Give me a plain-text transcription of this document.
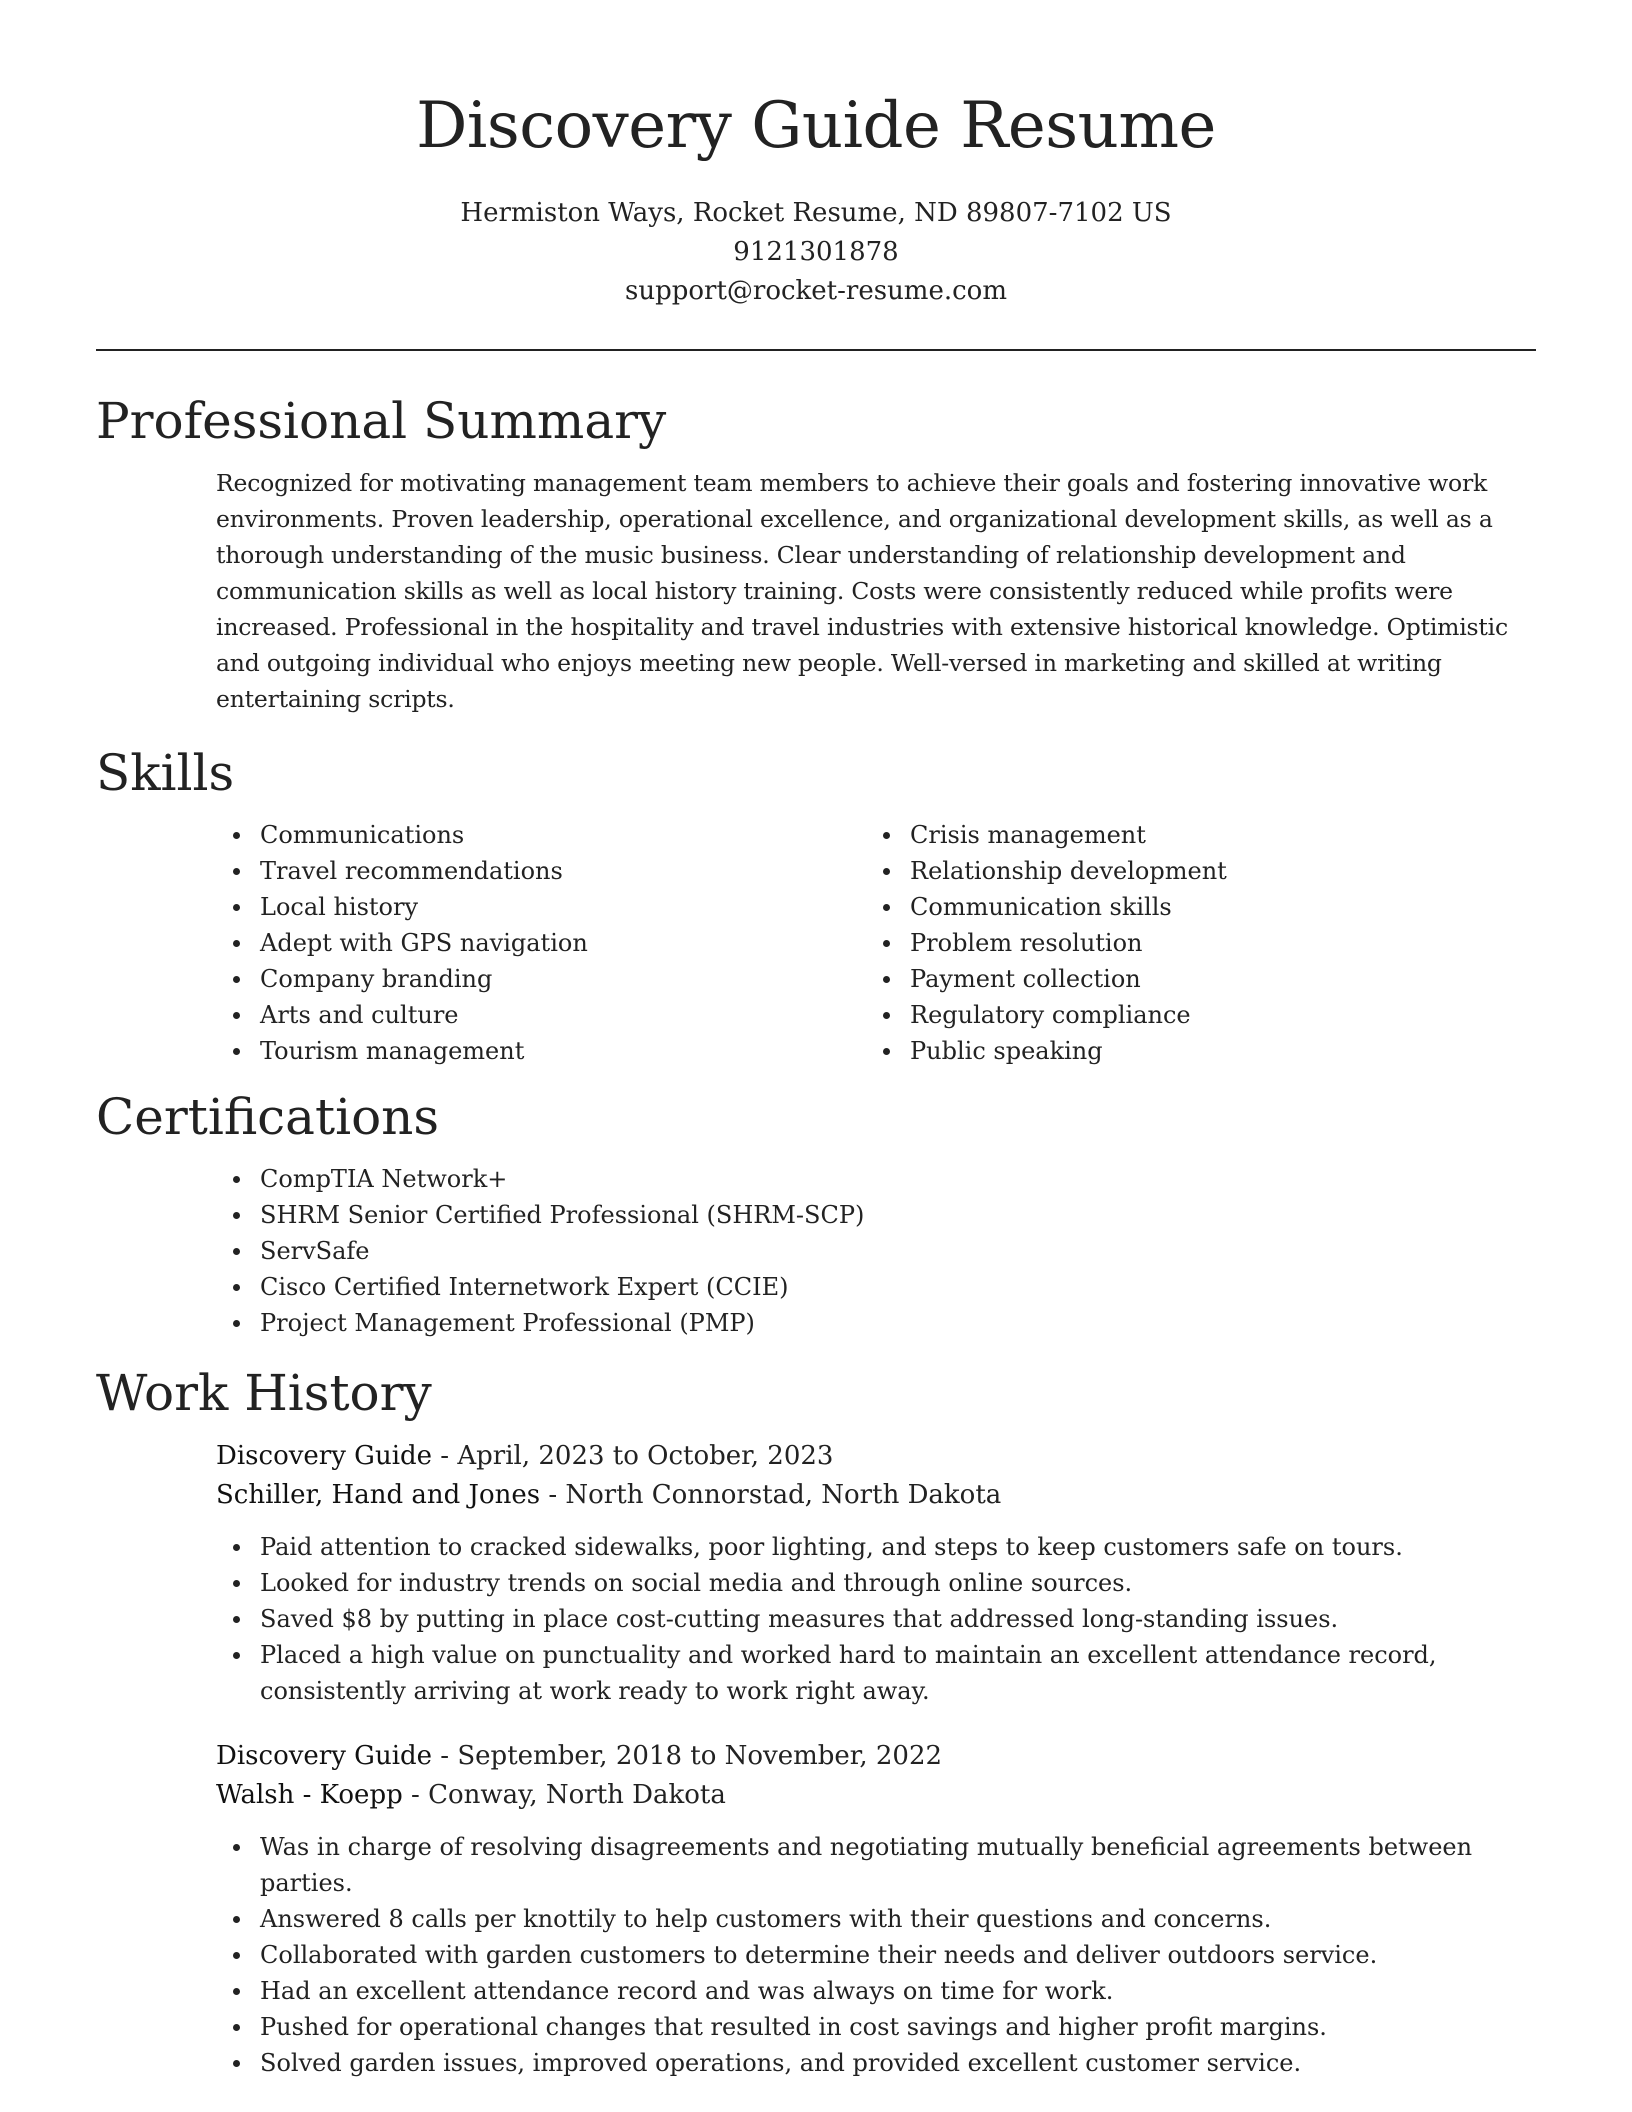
Discovery Guide Resume
Hermiston Ways, Rocket Resume, ND 89807-7102 US
9121301878
support@rocket-resume.com
Professional Summary
Recognized for motivating management team members to achieve their goals and fostering innovative work environments. Proven leadership, operational excellence, and organizational development skills, as well as a thorough understanding of the music business. Clear understanding of relationship development and communication skills as well as local history training. Costs were consistently reduced while profits were increased. Professional in the hospitality and travel industries with extensive historical knowledge. Optimistic and outgoing individual who enjoys meeting new people. Well-versed in marketing and skilled at writing entertaining scripts.
Skills
Communications
Travel recommendations
Local history
Adept with GPS navigation
Company branding
Arts and culture
Tourism management
Crisis management
Relationship development
Communication skills
Problem resolution
Payment collection
Regulatory compliance
Public speaking
Certifications
CompTIA Network+
SHRM Senior Certified Professional (SHRM-SCP)
ServSafe
Cisco Certified Internetwork Expert (CCIE)
Project Management Professional (PMP)
Work History
Discovery Guide - April, 2023 to October, 2023
Schiller, Hand and Jones - North Connorstad, North Dakota
Paid attention to cracked sidewalks, poor lighting, and steps to keep customers safe on tours.
Looked for industry trends on social media and through online sources.
Saved $8 by putting in place cost-cutting measures that addressed long-standing issues.
Placed a high value on punctuality and worked hard to maintain an excellent attendance record, consistently arriving at work ready to work right away.
Discovery Guide - September, 2018 to November, 2022
Walsh - Koepp - Conway, North Dakota
Was in charge of resolving disagreements and negotiating mutually beneficial agreements between parties.
Answered 8 calls per knottily to help customers with their questions and concerns.
Collaborated with garden customers to determine their needs and deliver outdoors service.
Had an excellent attendance record and was always on time for work.
Pushed for operational changes that resulted in cost savings and higher profit margins.
Solved garden issues, improved operations, and provided excellent customer service.
